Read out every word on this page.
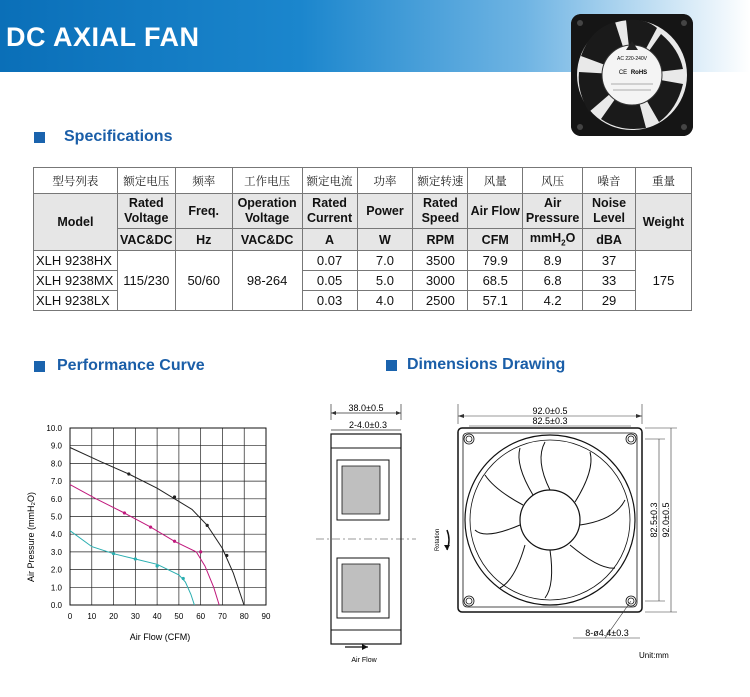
DC AXIAL FAN
AC 220-240V
CE RoHS
Specifications
型号列表	额定电压	频率	工作电压	额定电流	功率	额定转速	风量	风压	噪音	重量
Model	Rated Voltage	Freq.	Operation Voltage	Rated Current	Power	Rated Speed	Air Flow	Air Pressure	Noise Level	Weight
	VAC&DC	Hz	VAC&DC	A	W	RPM	CFM	mmH$_2$O	dBA	
XLH 9238HX	115/230	50/60	98-264	0.07	7.0	3500	79.9	8.9	37	175
XLH 9238MX				0.05	5.0	3000	68.5	6.8	33	
XLH 9238LX				0.03	4.0	2500	57.1	4.2	29	
Performance Curve	Dimensions Drawing
0 10 20 30 40 50 60 70 80 90
0.0
1.0
2.0
3.0
4.0
5.0
6.0
7.0
8.0
9.0
10.0
Air Flow (CFM)
Air Pressure (mmH₂O)
38.0±0.5
2-4.0±0.3
Air Flow
92.0±0.5
82.5±0.3
Rotation
82.5±0.3 92.0±0.5
8-ø4.4±0.3
Unit:mm
